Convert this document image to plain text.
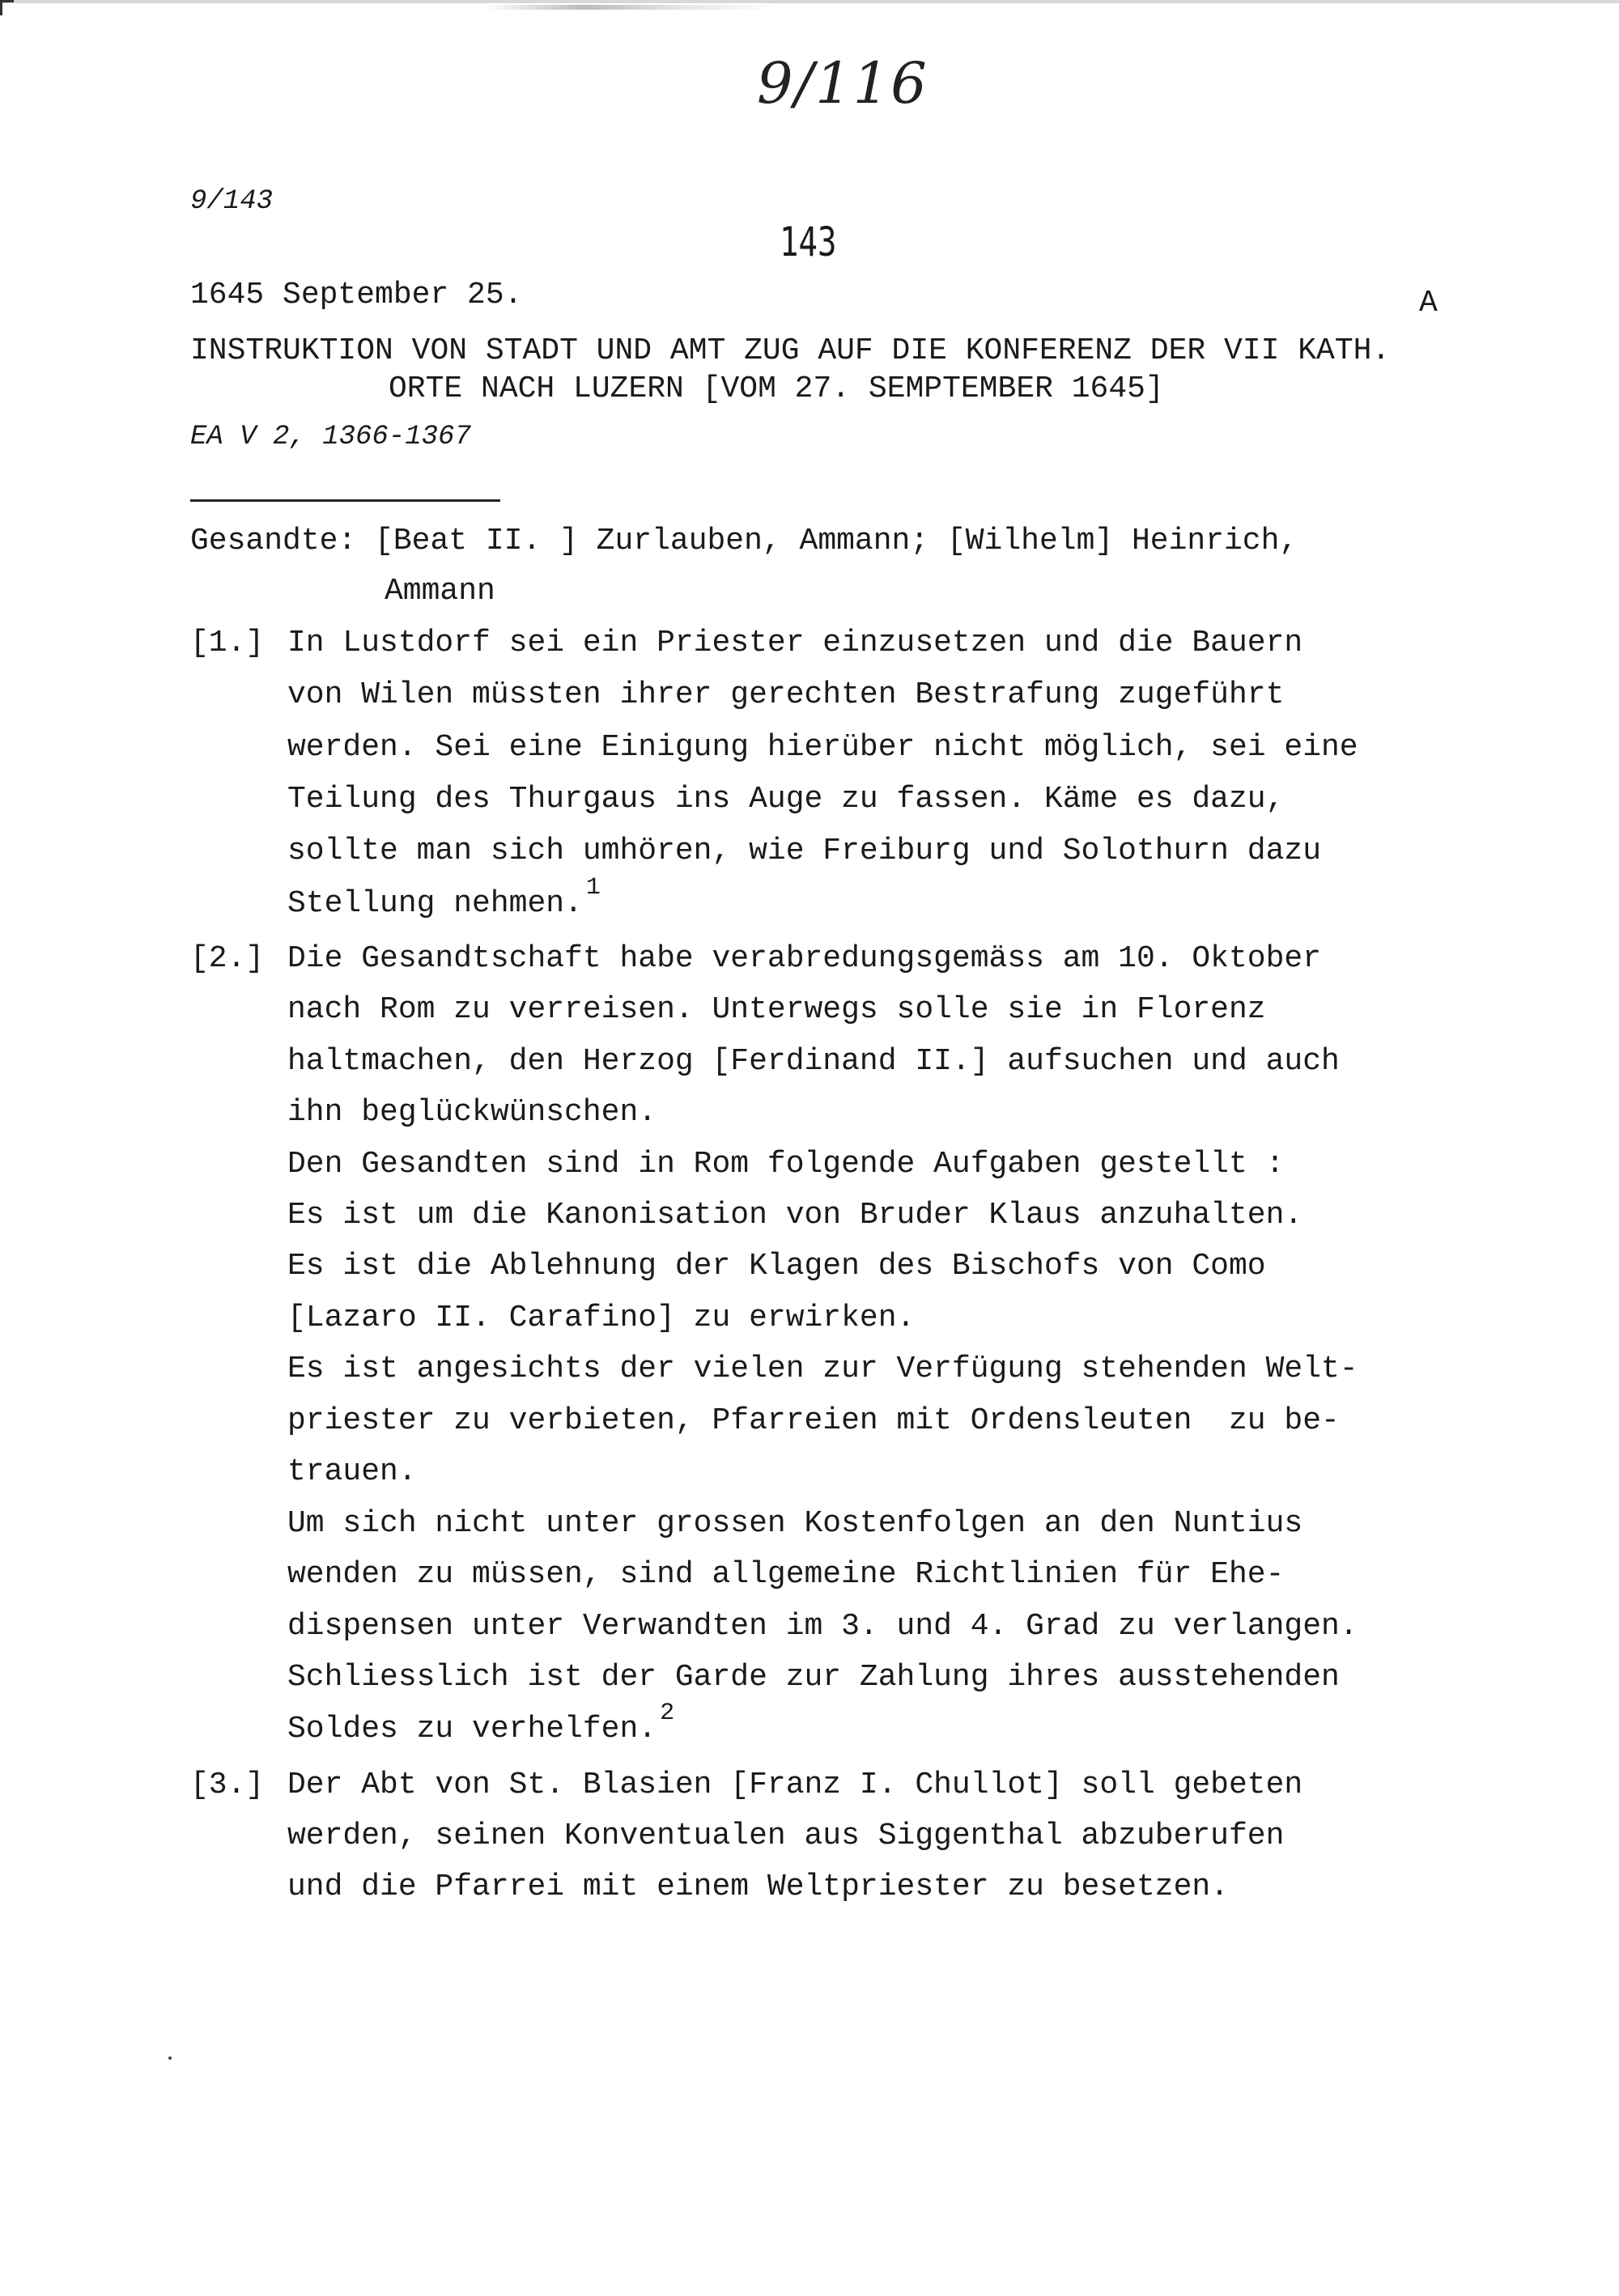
9/116
9/143
143
1645 September 25.	A
INSTRUKTION VON STADT UND AMT ZUG AUF DIE KONFERENZ DER VII KATH.
ORTE NACH LUZERN [VOM 27. SEMPTEMBER 1645]
EA V 2, 1366-1367
Gesandte: [Beat II. ] Zurlauben, Ammann; [Wilhelm] Heinrich,
Ammann
[1.] In Lustdorf sei ein Priester einzusetzen und die Bauern
von Wilen müssten ihrer gerechten Bestrafung zugeführt
werden. Sei eine Einigung hierüber nicht möglich, sei eine
Teilung des Thurgaus ins Auge zu fassen. Käme es dazu,
sollte man sich umhören, wie Freiburg und Solothurn dazu
Stellung nehmen. $^1$
[2.] Die Gesandtschaft habe verabredungsgemäss am 10. Oktober
nach Rom zu verreisen. Unterwegs solle sie in Florenz
haltmachen, den Herzog [Ferdinand II.] aufsuchen und auch
ihn beglückwünschen.
Den Gesandten sind in Rom folgende Aufgaben gestellt :
Es ist um die Kanonisation von Bruder Klaus anzuhalten.
Es ist die Ablehnung der Klagen des Bischofs von Como
[Lazaro II. Carafino] zu erwirken.
Es ist angesichts der vielen zur Verfügung stehenden Welt-
priester zu verbieten, Pfarreien mit Ordensleuten  zu be-
trauen.
Um sich nicht unter grossen Kostenfolgen an den Nuntius
wenden zu müssen, sind allgemeine Richtlinien für Ehe-
dispensen unter Verwandten im 3. und 4. Grad zu verlangen.
Schliesslich ist der Garde zur Zahlung ihres ausstehenden
Soldes zu verhelfen. $^2$
[3.] Der Abt von St. Blasien [Franz I. Chullot] soll gebeten
werden, seinen Konventualen aus Siggenthal abzuberufen
und die Pfarrei mit einem Weltpriester zu besetzen.
